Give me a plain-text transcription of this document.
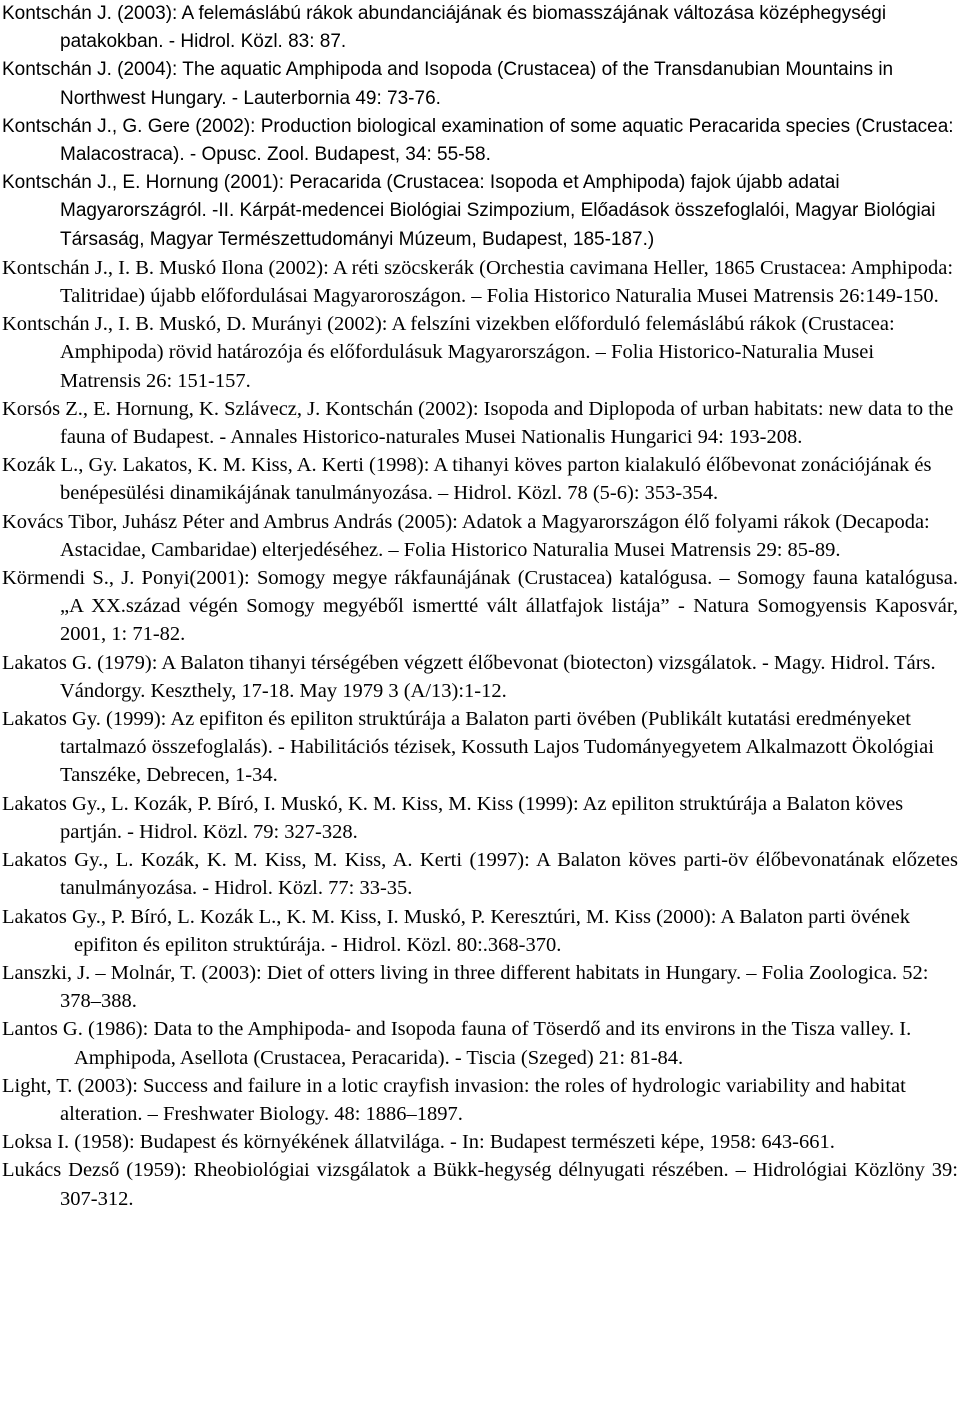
Kontschán J. (2003): A felemáslábú rákok abundanciájának és biomasszájának változása középhegységi patakokban. - Hidrol. Közl. 83: 87.

Kontschán J. (2004): The aquatic Amphipoda and Isopoda (Crustacea) of the Transdanubian Mountains in Northwest Hungary. - Lauterbornia 49: 73-76.

Kontschán J., G. Gere (2002): Production biological examination of some aquatic Peracarida species (Crustacea: Malacostraca). - Opusc. Zool. Budapest, 34: 55-58.

Kontschán J., E. Hornung (2001): Peracarida (Crustacea: Isopoda et Amphipoda) fajok újabb adatai Magyarországról. -II. Kárpát-medencei Biológiai Szimpozium, Előadások összefoglalói, Magyar Biológiai Társaság, Magyar Természettudományi Múzeum, Budapest, 185-187.)

Kontschán J., I. B. Muskó Ilona (2002): A réti szöcskerák (Orchestia cavimana Heller, 1865 Crustacea: Amphipoda: Talitridae) újabb előfordulásai Magyaroroszágon. – Folia Historico Naturalia Musei Matrensis 26:149-150.

Kontschán J., I. B. Muskó, D. Murányi (2002): A felszíni vizekben előforduló felemáslábú rákok (Crustacea: Amphipoda) rövid határozója és előfordulásuk Magyarországon. – Folia Historico-Naturalia Musei Matrensis 26: 151-157.

Korsós Z., E. Hornung, K. Szlávecz, J. Kontschán (2002): Isopoda and Diplopoda of urban habitats: new data to the fauna of Budapest. - Annales Historico-naturales Musei Nationalis Hungarici 94: 193-208.

Kozák L., Gy. Lakatos, K. M. Kiss, A. Kerti (1998): A tihanyi köves parton kialakuló élőbevonat zonációjának és benépesülési dinamikájának tanulmányozása. – Hidrol. Közl. 78 (5-6): 353-354.

Kovács Tibor, Juhász Péter and Ambrus András (2005): Adatok a Magyarországon élő folyami rákok (Decapoda: Astacidae, Cambaridae) elterjedéséhez. – Folia Historico Naturalia Musei Matrensis 29: 85-89.

Körmendi S., J. Ponyi(2001): Somogy megye rákfaunájának (Crustacea) katalógusa. – Somogy fauna katalógusa. „A XX.század végén Somogy megyéből ismertté vált állatfajok listája” - Natura Somogyensis Kaposvár, 2001, 1: 71-82.

Lakatos G. (1979): A Balaton tihanyi térségében végzett élőbevonat (biotecton) vizsgálatok. - Magy. Hidrol. Társ. Vándorgy. Keszthely, 17-18. May 1979 3 (A/13):1-12.

Lakatos Gy. (1999): Az epifiton és epiliton struktúrája a Balaton parti övében (Publikált kutatási eredményeket tartalmazó összefoglalás). - Habilitációs tézisek, Kossuth Lajos Tudományegyetem Alkalmazott Ökológiai Tanszéke, Debrecen, 1-34.

Lakatos Gy., L. Kozák, P. Bíró, I. Muskó, K. M. Kiss, M. Kiss (1999): Az epiliton struktúrája a Balaton köves partján. - Hidrol. Közl. 79: 327-328.

Lakatos Gy., L. Kozák, K. M. Kiss, M. Kiss, A. Kerti (1997): A Balaton köves parti-öv élőbevonatának előzetes tanulmányozása. - Hidrol. Közl. 77: 33-35.

Lakatos Gy., P. Bíró, L. Kozák L., K. M. Kiss, I. Muskó, P. Keresztúri, M. Kiss (2000): A Balaton parti övének epifiton és epiliton struktúrája. - Hidrol. Közl. 80:.368-370.

Lanszki, J. – Molnár, T. (2003): Diet of otters living in three different habitats in Hungary. – Folia Zoologica. 52: 378–388.

Lantos G. (1986): Data to the Amphipoda- and Isopoda fauna of Töserdő and its environs in the Tisza valley. I. Amphipoda, Asellota (Crustacea, Peracarida). - Tiscia (Szeged) 21: 81-84.

Light, T. (2003): Success and failure in a lotic crayfish invasion: the roles of hydrologic variability and habitat alteration. – Freshwater Biology. 48: 1886–1897.

Loksa I. (1958): Budapest és környékének állatvilága. - In: Budapest természeti képe, 1958: 643-661.

Lukács Dezső (1959): Rheobiológiai vizsgálatok a Bükk-hegység délnyugati részében. – Hidrológiai Közlöny 39: 307-312.
